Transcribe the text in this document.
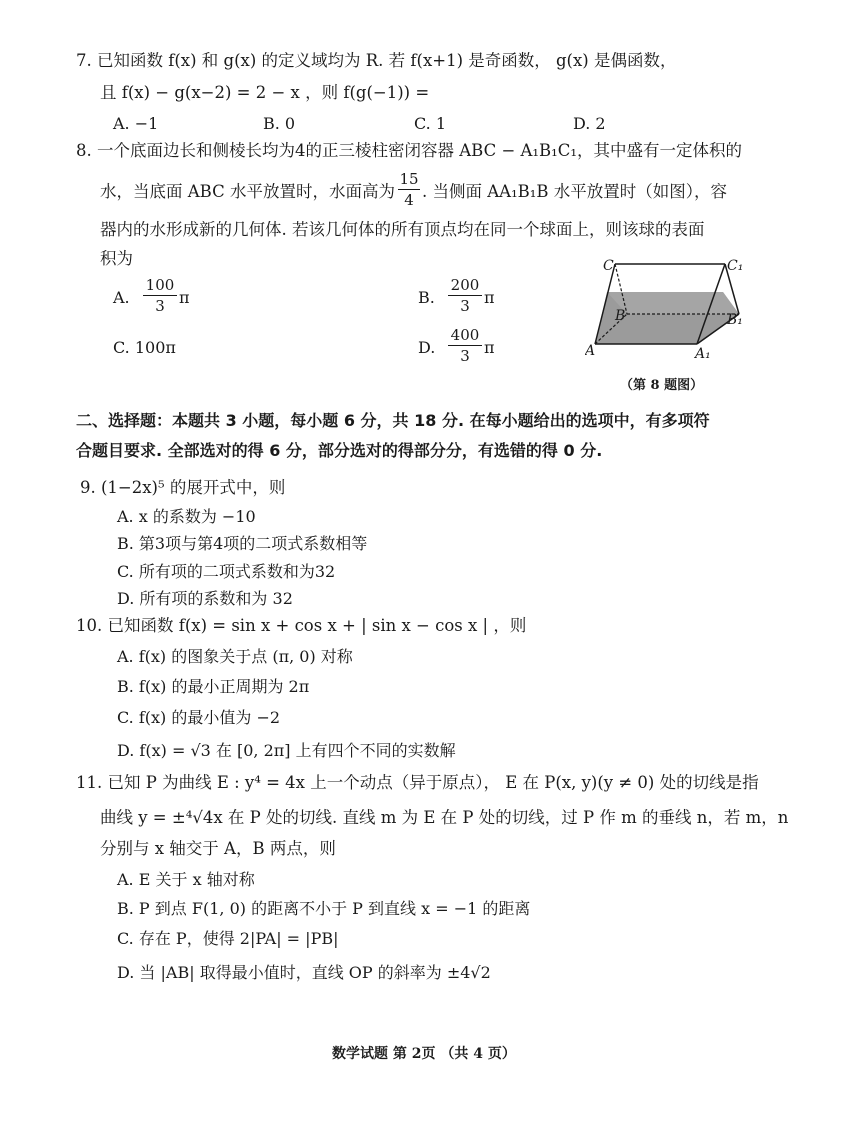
7. 已知函数 f(x) 和 g(x) 的定义域均为 R. 若 f(x+1) 是奇函数， g(x) 是偶函数，
且 f(x) − g(x−2) = 2 − x ，则 f(g(−1)) =
A. −1	B. 0	C. 1	D. 2
8. 一个底面边长和侧棱长均为4的正三棱柱密闭容器 ABC − A₁B₁C₁，其中盛有一定体积的
水，当底面 ABC 水平放置时，水面高为
15
4 . 当侧面 AA₁B₁B 水平放置时（如图），容
器内的水形成新的几何体. 若该几何体的所有顶点均在同一个球面上，则该球的表面
积为
A.
100
3 π	B.
200
3 π
C. 100π	D.
400
3 π
C	C₁
B	B₁
A	A₁
（第 8 题图）
二、选择题：本题共 3 小题，每小题 6 分，共 18 分. 在每小题给出的选项中，有多项符
合题目要求. 全部选对的得 6 分，部分选对的得部分分，有选错的得 0 分.
9. (1−2x)⁵ 的展开式中，则
A. x 的系数为 −10
B. 第3项与第4项的二项式系数相等
C. 所有项的二项式系数和为32
D. 所有项的系数和为 32
10. 已知函数 f(x) = sin x + cos x + | sin x − cos x | ，则
A. f(x) 的图象关于点 (π, 0) 对称
B. f(x) 的最小正周期为 2π
C. f(x) 的最小值为 −2
D. f(x) = √3 在 [0, 2π] 上有四个不同的实数解
11. 已知 P 为曲线 E : y⁴ = 4x 上一个动点（异于原点）， E 在 P(x, y)(y ≠ 0) 处的切线是指
曲线 y = ±⁴√4x 在 P 处的切线. 直线 m 为 E 在 P 处的切线，过 P 作 m 的垂线 n，若 m，n
分别与 x 轴交于 A，B 两点，则
A. E 关于 x 轴对称
B. P 到点 F(1, 0) 的距离不小于 P 到直线 x = −1 的距离
C. 存在 P，使得 2|PA| = |PB|
D. 当 |AB| 取得最小值时，直线 OP 的斜率为 ±4√2
数学试题 第 2页 （共 4 页）
